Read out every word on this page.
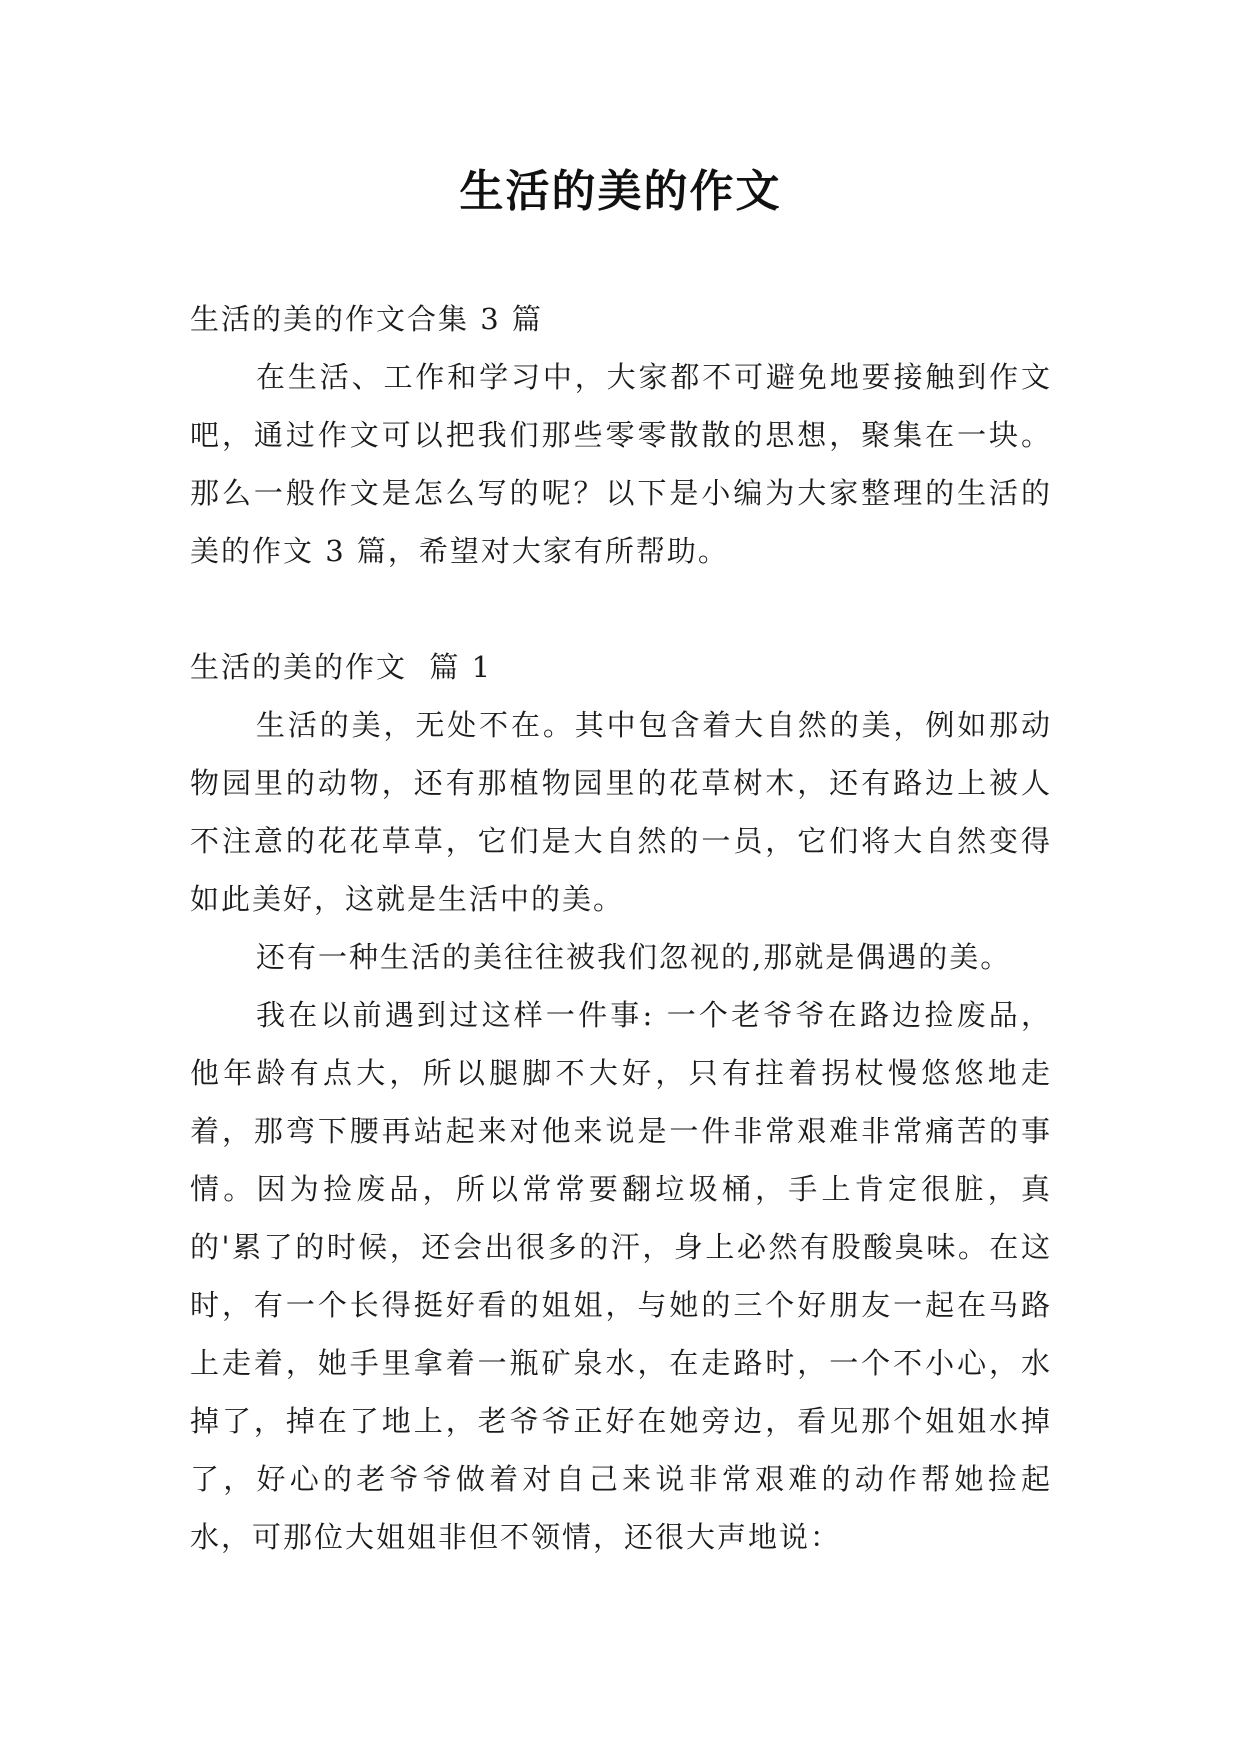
生活的美的作文

生活的美的作文合集 3 篇

在生活、工作和学习中，大家都不可避免地要接触到作文吧，通过作文可以把我们那些零零散散的思想，聚集在一块。那么一般作文是怎么写的呢？以下是小编为大家整理的生活的美的作文 3 篇，希望对大家有所帮助。

生活的美的作文  篇 1

生活的美，无处不在。其中包含着大自然的美，例如那动物园里的动物，还有那植物园里的花草树木，还有路边上被人不注意的花花草草，它们是大自然的一员，它们将大自然变得如此美好，这就是生活中的美。

还有一种生活的美往往被我们忽视的,那就是偶遇的美。

我在以前遇到过这样一件事: 一个老爷爷在路边捡废品，他年龄有点大，所以腿脚不大好，只有拄着拐杖慢悠悠地走着，那弯下腰再站起来对他来说是一件非常艰难非常痛苦的事情。因为捡废品，所以常常要翻垃圾桶，手上肯定很脏，真的'累了的时候，还会出很多的汗，身上必然有股酸臭味。在这时，有一个长得挺好看的姐姐，与她的三个好朋友一起在马路上走着，她手里拿着一瓶矿泉水，在走路时，一个不小心，水掉了，掉在了地上，老爷爷正好在她旁边，看见那个姐姐水掉了，好心的老爷爷做着对自己来说非常艰难的动作帮她捡起水，可那位大姐姐非但不领情，还很大声地说：
